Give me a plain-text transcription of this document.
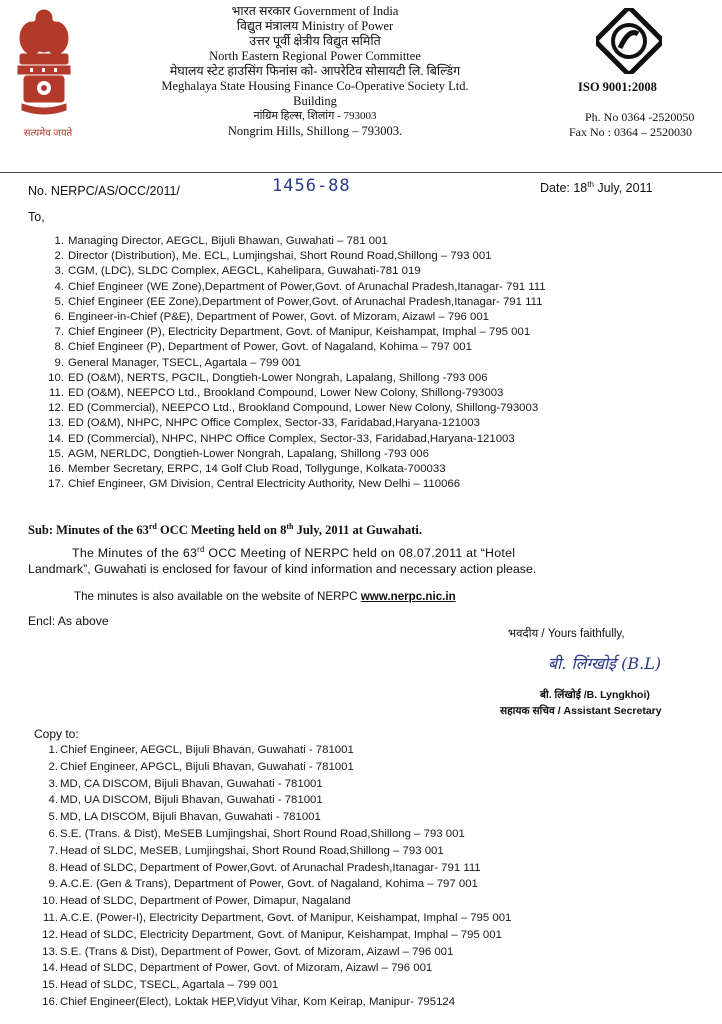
सत्यमेव जयते
भारत सरकार Government of India
विद्युत मंत्रालय Ministry of Power
उत्तर पूर्वी क्षेत्रीय विद्युत समिति
North Eastern Regional Power Committee
मेघालय स्टेट हाउसिंग फिनांस को- आपरेटिव सोसायटी लि. बिल्डिंग
Meghalaya State Housing Finance Co-Operative Society Ltd.
Building
नांग्रिम हिल्स, शिलांग - 793003
Nongrim Hills, Shillong – 793003.
ISO 9001:2008
Ph. No 0364 -2520050
Fax No : 0364 – 2520030
No. NERPC/AS/OCC/2011/	1456-88	Date: 18th July, 2011
To,
1. Managing Director, AEGCL, Bijuli Bhawan, Guwahati – 781 001
2. Director (Distribution), Me. ECL, Lumjingshai, Short Round Road,Shillong – 793 001
3. CGM, (LDC), SLDC Complex, AEGCL, Kahelipara, Guwahati-781 019
4. Chief Engineer (WE Zone),Department of Power,Govt. of Arunachal Pradesh,Itanagar- 791 111
5. Chief Engineer (EE Zone),Department of Power,Govt. of Arunachal Pradesh,Itanagar- 791 111
6. Engineer-in-Chief (P&E), Department of Power, Govt. of Mizoram, Aizawl – 796 001
7. Chief Engineer (P), Electricity Department, Govt. of Manipur, Keishampat, Imphal – 795 001
8. Chief Engineer (P), Department of Power, Govt. of Nagaland, Kohima – 797 001
9. General Manager, TSECL, Agartala – 799 001
10. ED (O&M), NERTS, PGCIL, Dongtieh-Lower Nongrah, Lapalang, Shillong -793 006
11. ED (O&M), NEEPCO Ltd., Brookland Compound, Lower New Colony, Shillong-793003
12. ED (Commercial), NEEPCO Ltd., Brookland Compound, Lower New Colony, Shillong-793003
13. ED (O&M), NHPC, NHPC Office Complex, Sector-33, Faridabad,Haryana-121003
14. ED (Commercial), NHPC, NHPC Office Complex, Sector-33, Faridabad,Haryana-121003
15. AGM, NERLDC, Dongtieh-Lower Nongrah, Lapalang, Shillong -793 006
16. Member Secretary, ERPC, 14 Golf Club Road, Tollygunge, Kolkata-700033
17. Chief Engineer, GM Division, Central Electricity Authority, New Delhi – 110066
Sub: Minutes of the 63rd OCC Meeting held on 8th July, 2011 at Guwahati.
The Minutes of the 63rd OCC Meeting of NERPC held on 08.07.2011 at “Hotel
Landmark”, Guwahati is enclosed for favour of kind information and necessary action please.
The minutes is also available on the website of NERPC www.nerpc.nic.in
Encl: As above
भवदीय / Yours faithfully,
बी. लिंग्खोई (B.L)
बी. लिंखोई /B. Lyngkhoi)
सहायक सचिव / Assistant Secretary
Copy to:
1. Chief Engineer, AEGCL, Bijuli Bhavan, Guwahati - 781001
2. Chief Engineer, APGCL, Bijuli Bhavan, Guwahati - 781001
3. MD, CA DISCOM, Bijuli Bhavan, Guwahati - 781001
4. MD, UA DISCOM, Bijuli Bhavan, Guwahati - 781001
5. MD, LA DISCOM, Bijuli Bhavan, Guwahati - 781001
6. S.E. (Trans. & Dist), MeSEB Lumjingshai, Short Round Road,Shillong – 793 001
7. Head of SLDC, MeSEB, Lumjingshai, Short Round Road,Shillong – 793 001
8. Head of SLDC, Department of Power,Govt. of Arunachal Pradesh,Itanagar- 791 111
9. A.C.E. (Gen & Trans), Department of Power, Govt. of Nagaland, Kohima – 797 001
10. Head of SLDC, Department of Power, Dimapur, Nagaland
11. A.C.E. (Power-I), Electricity Department, Govt. of Manipur, Keishampat, Imphal – 795 001
12. Head of SLDC, Electricity Department, Govt. of Manipur, Keishampat, Imphal – 795 001
13. S.E. (Trans & Dist), Department of Power, Govt. of Mizoram, Aizawl – 796 001
14. Head of SLDC, Department of Power, Govt. of Mizoram, Aizawl – 796 001
15. Head of SLDC, TSECL, Agartala – 799 001
16. Chief Engineer(Elect), Loktak HEP,Vidyut Vihar, Kom Keirap, Manipur- 795124
